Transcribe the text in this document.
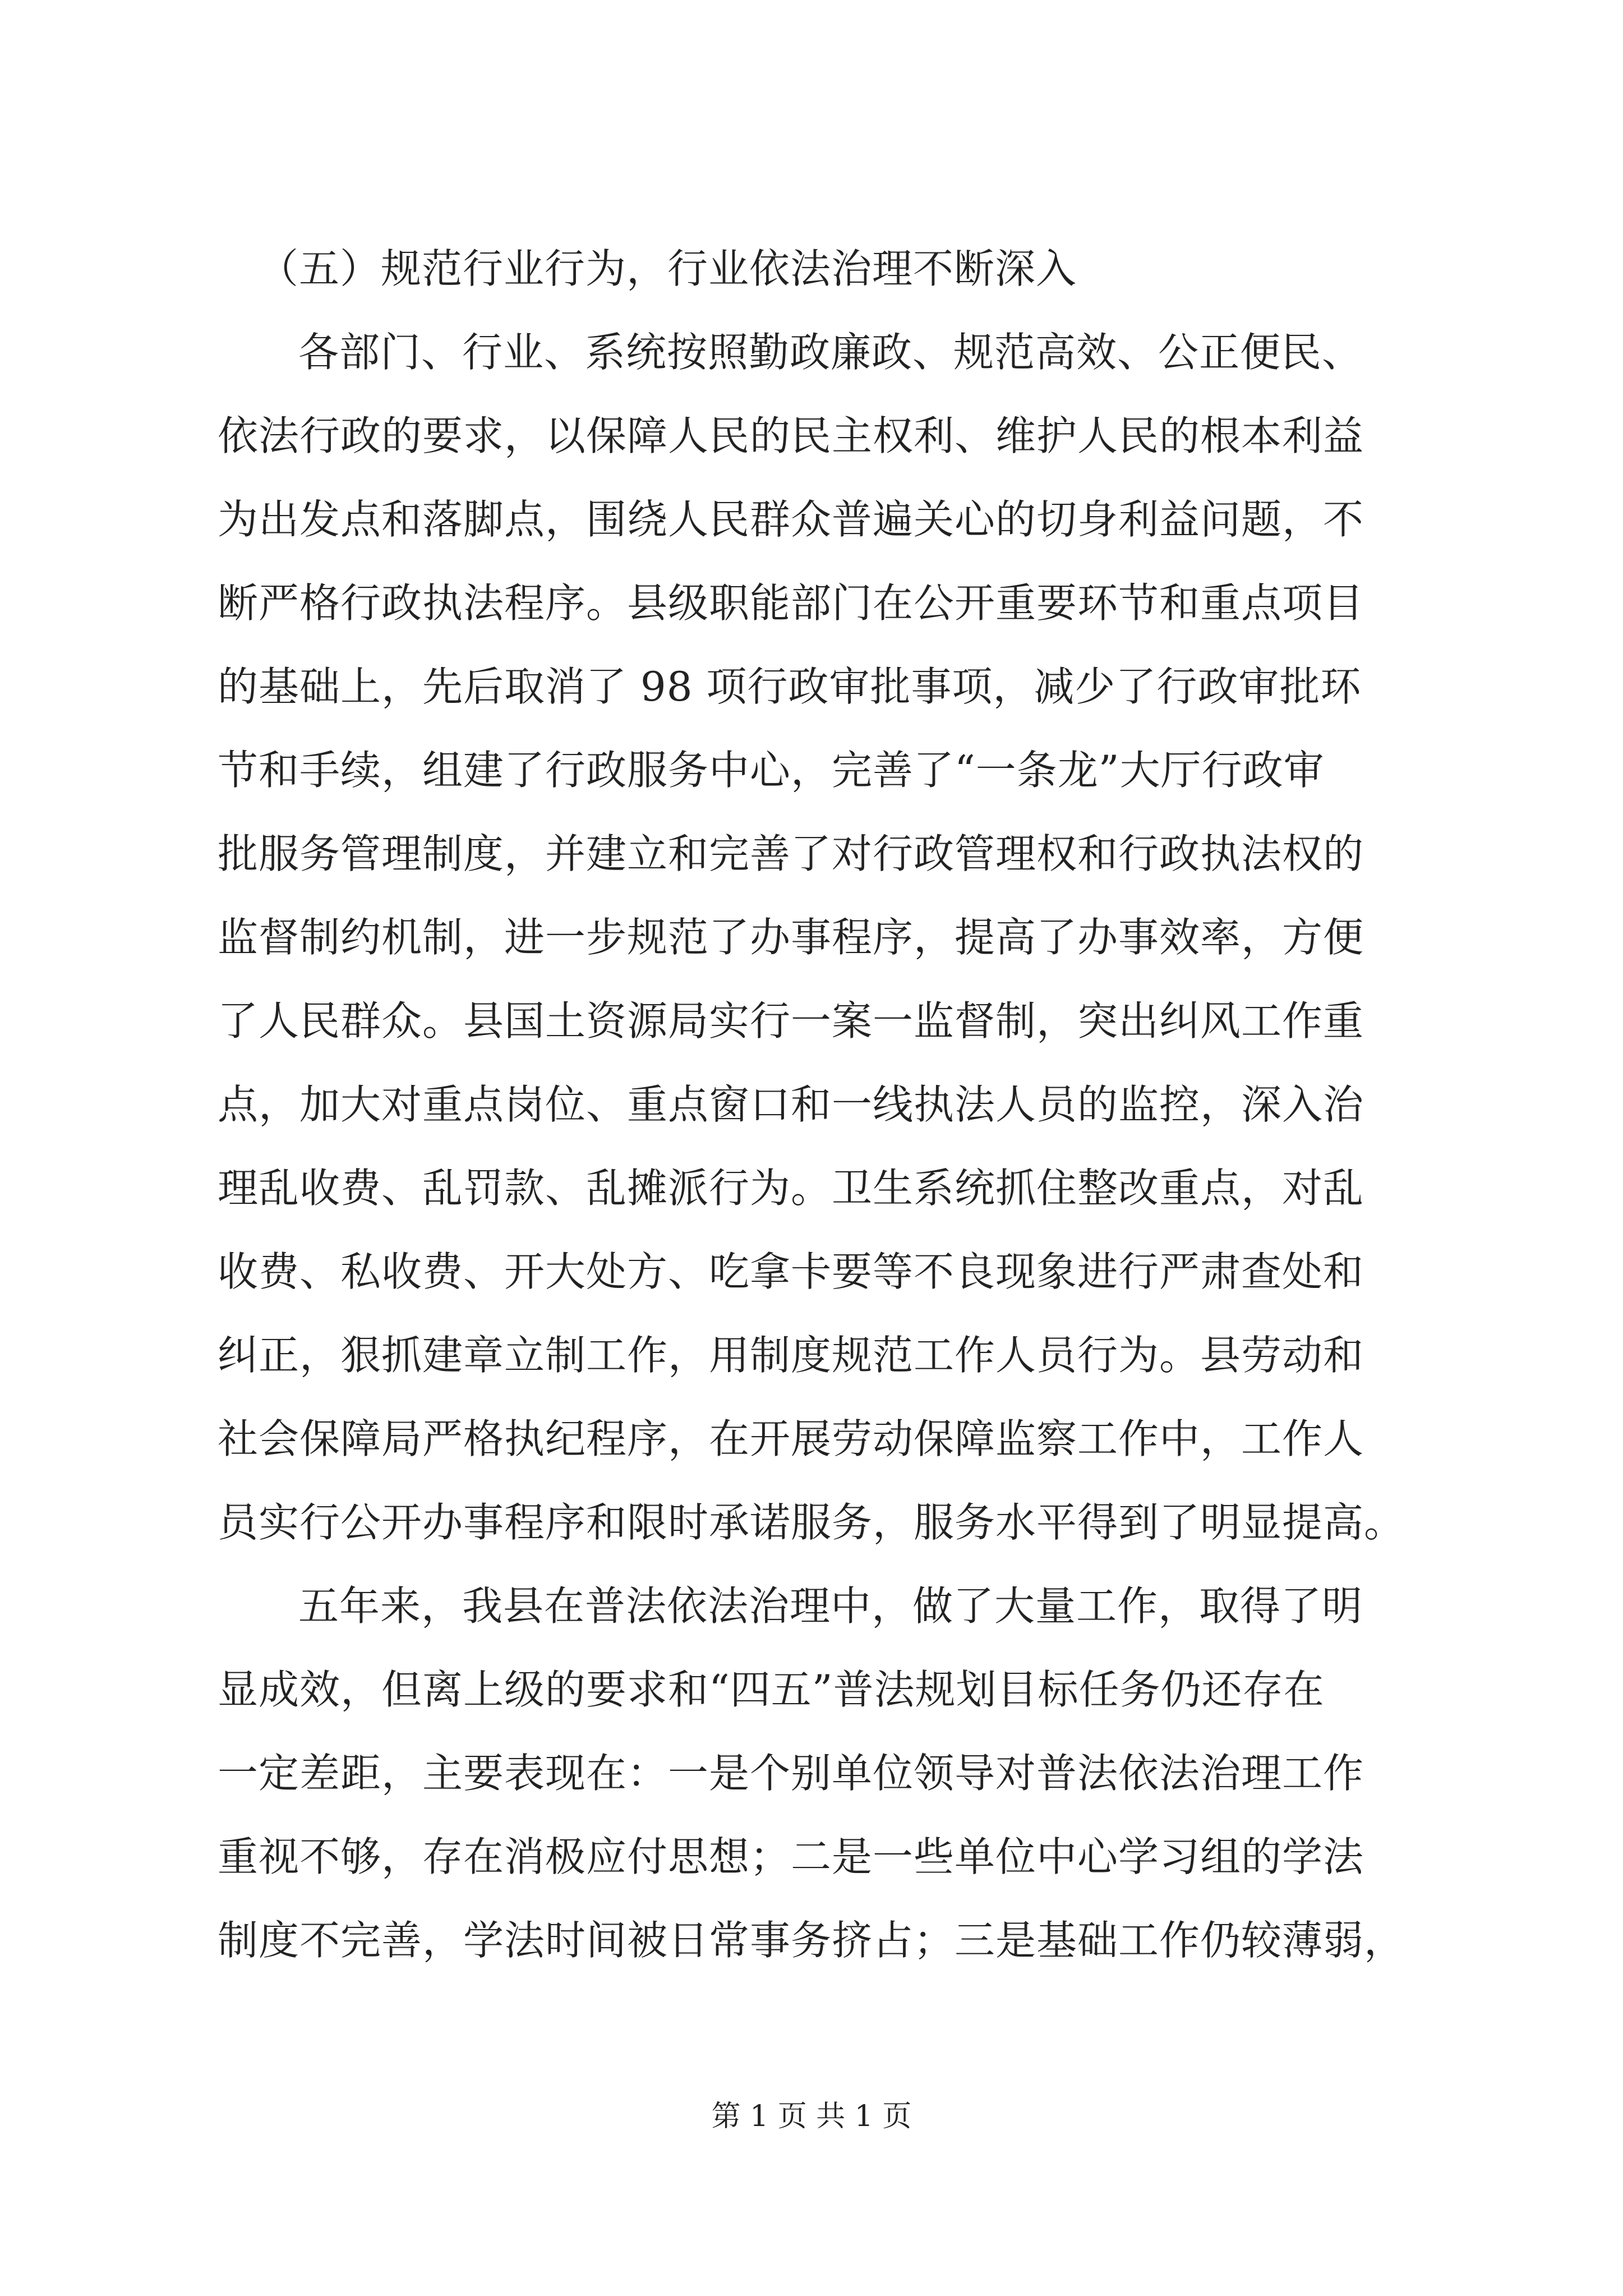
（五）规范行业行为，行业依法治理不断深入
各部门、行业、系统按照勤政廉政、规范高效、公正便民、
依法行政的要求，以保障人民的民主权利、维护人民的根本利益
为出发点和落脚点，围绕人民群众普遍关心的切身利益问题，不
断严格行政执法程序。县级职能部门在公开重要环节和重点项目
的基础上，先后取消了 98 项行政审批事项，减少了行政审批环
节和手续，组建了行政服务中心，完善了“一条龙”大厅行政审
批服务管理制度，并建立和完善了对行政管理权和行政执法权的
监督制约机制，进一步规范了办事程序，提高了办事效率，方便
了人民群众。县国土资源局实行一案一监督制，突出纠风工作重
点，加大对重点岗位、重点窗口和一线执法人员的监控，深入治
理乱收费、乱罚款、乱摊派行为。卫生系统抓住整改重点，对乱
收费、私收费、开大处方、吃拿卡要等不良现象进行严肃查处和
纠正，狠抓建章立制工作，用制度规范工作人员行为。县劳动和
社会保障局严格执纪程序，在开展劳动保障监察工作中，工作人
员实行公开办事程序和限时承诺服务，服务水平得到了明显提高。
五年来，我县在普法依法治理中，做了大量工作，取得了明
显成效，但离上级的要求和“四五”普法规划目标任务仍还存在
一定差距，主要表现在：一是个别单位领导对普法依法治理工作
重视不够，存在消极应付思想；二是一些单位中心学习组的学法
制度不完善，学法时间被日常事务挤占；三是基础工作仍较薄弱，
第 1 页 共 1 页
